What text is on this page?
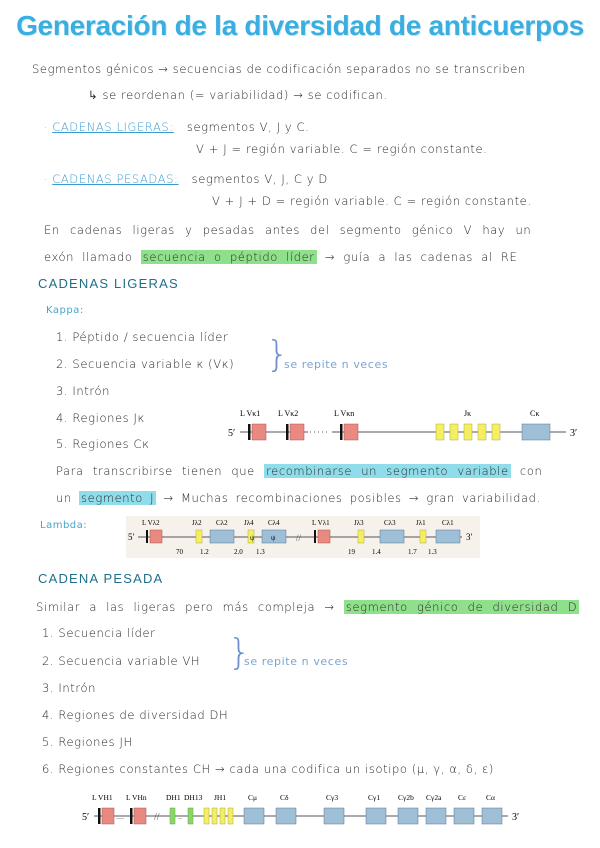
Generación de la diversidad de anticuerpos
Segmentos génicos → secuencias de codificación separados no se transcriben
↳ se reordenan (= variabilidad) → se codifican.
· CADENAS LIGERAS: segmentos V, J y C.
V + J = región variable. C = región constante.
· CADENAS PESADAS: segmentos V, J, C y D
V + J + D = región variable. C = región constante.
En cadenas ligeras y pesadas antes del segmento génico V hay un
exón llamado secuencia o péptido líder → guía a las cadenas al RE
CADENAS LIGERAS
Kappa:
1. Péptido / secuencia líder
2. Secuencia variable κ (Vκ)
3. Intrón
4. Regiones Jκ
5. Regiones Cκ
}
se repite n veces
5′	3′
L Vκ1 L Vκ2	L Vκn	Jκ	Cκ
Para transcribirse tienen que recombinarse un segmento variable con
un segmento J → Muchas recombinaciones posibles → gran variabilidad.
Lambda:
5′	ψ ψ //	3′
L Vλ2	Jλ2 Cλ2 Jλ4 Cλ4	L Vλ1	Jλ3	Cλ3	Jλ1 Cλ1
70 1.2	2.0 1.3	19 1.4	1.7 1.3
CADENA PESADA
Similar a las ligeras pero más compleja → segmento génico de diversidad D
1. Secuencia líder
2. Secuencia variable VH
3. Intrón
4. Regiones de diversidad DH
5. Regiones JH
6. Regiones constantes CH → cada una codifica un isotipo (μ, γ, α, δ, ε)
}
se repite n veces
5′	....	// ..	3′
L VH1 L VHn	DH1 DH13 JH1	Cμ	Cδ	Cγ3	Cγ1 Cγ2b Cγ2a Cε	Cα
